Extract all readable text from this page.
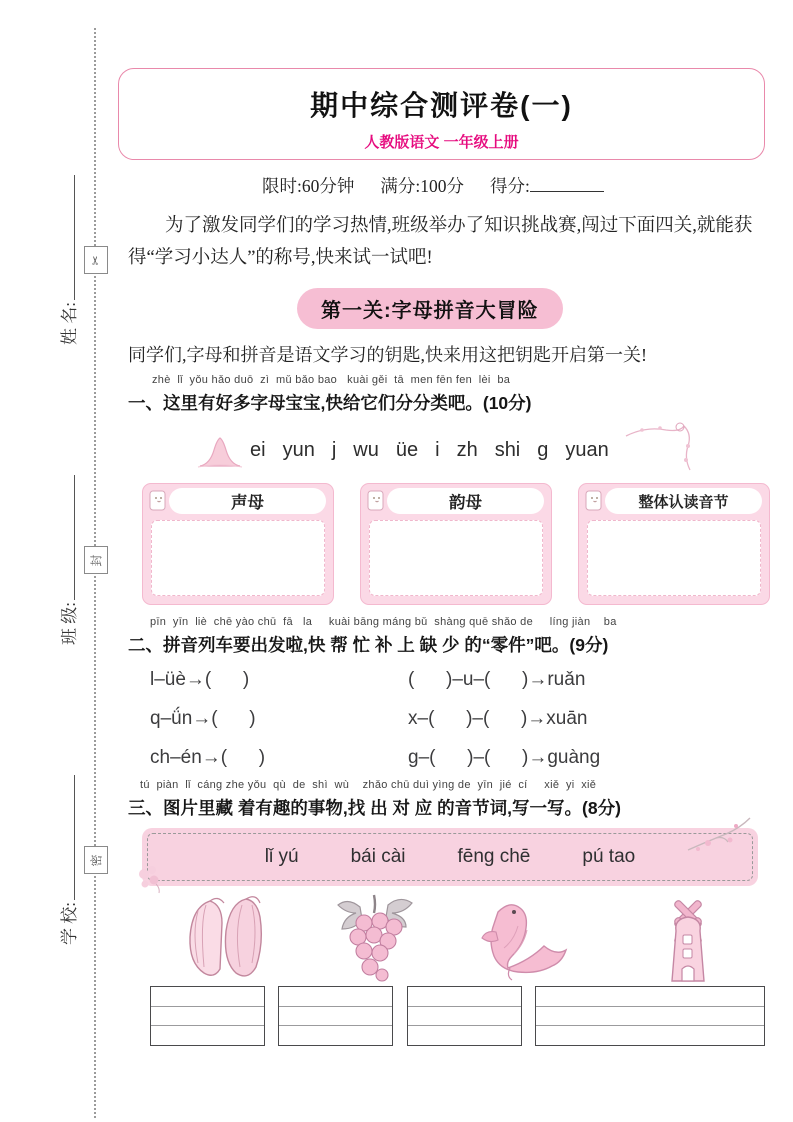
✂
封
密
姓 名:
班 级:
学 校:
期中综合测评卷(一)
人教版语文 一年级上册
限时:60分钟 满分:100分 得分:
为了激发同学们的学习热情,班级举办了知识挑战赛,闯过下面四关,就能获得“学习小达人”的称号,快来试一试吧!
第一关:字母拼音大冒险
同学们,字母和拼音是语文学习的钥匙,快来用这把钥匙开启第一关!
zhè  lǐ  yǒu hǎo duō  zì  mǔ bǎo bao   kuài gěi  tā  men fēn fen  lèi  ba
一、这里有好多字母宝宝,快给它们分分类吧。(10分)
ei yun j wu üe i zh shi g yuan
声母	韵母	整体认读音节
pīn  yīn  liè  chē yào chū  fā   la     kuài bāng máng bǔ  shàng quē shǎo de     líng jiàn    ba
二、拼音列车要出发啦,快 帮 忙 补 上 缺 少 的“零件”吧。(9分)
l–üè→(      )	(      )–u–(      )→ruǎn
q–ǘn→(      )	x–(      )–(      )→xuān
ch–én→(      )	g–(      )–(      )→guàng
tú  piàn  lǐ  cáng zhe yǒu  qù  de  shì  wù    zhǎo chū duì yìng de  yīn  jié  cí     xiě  yi  xiě
三、图片里藏 着有趣的事物,找 出 对 应 的音节词,写一写。(8分)
lǐ yú	bái cài	fēng chē	pú tao
